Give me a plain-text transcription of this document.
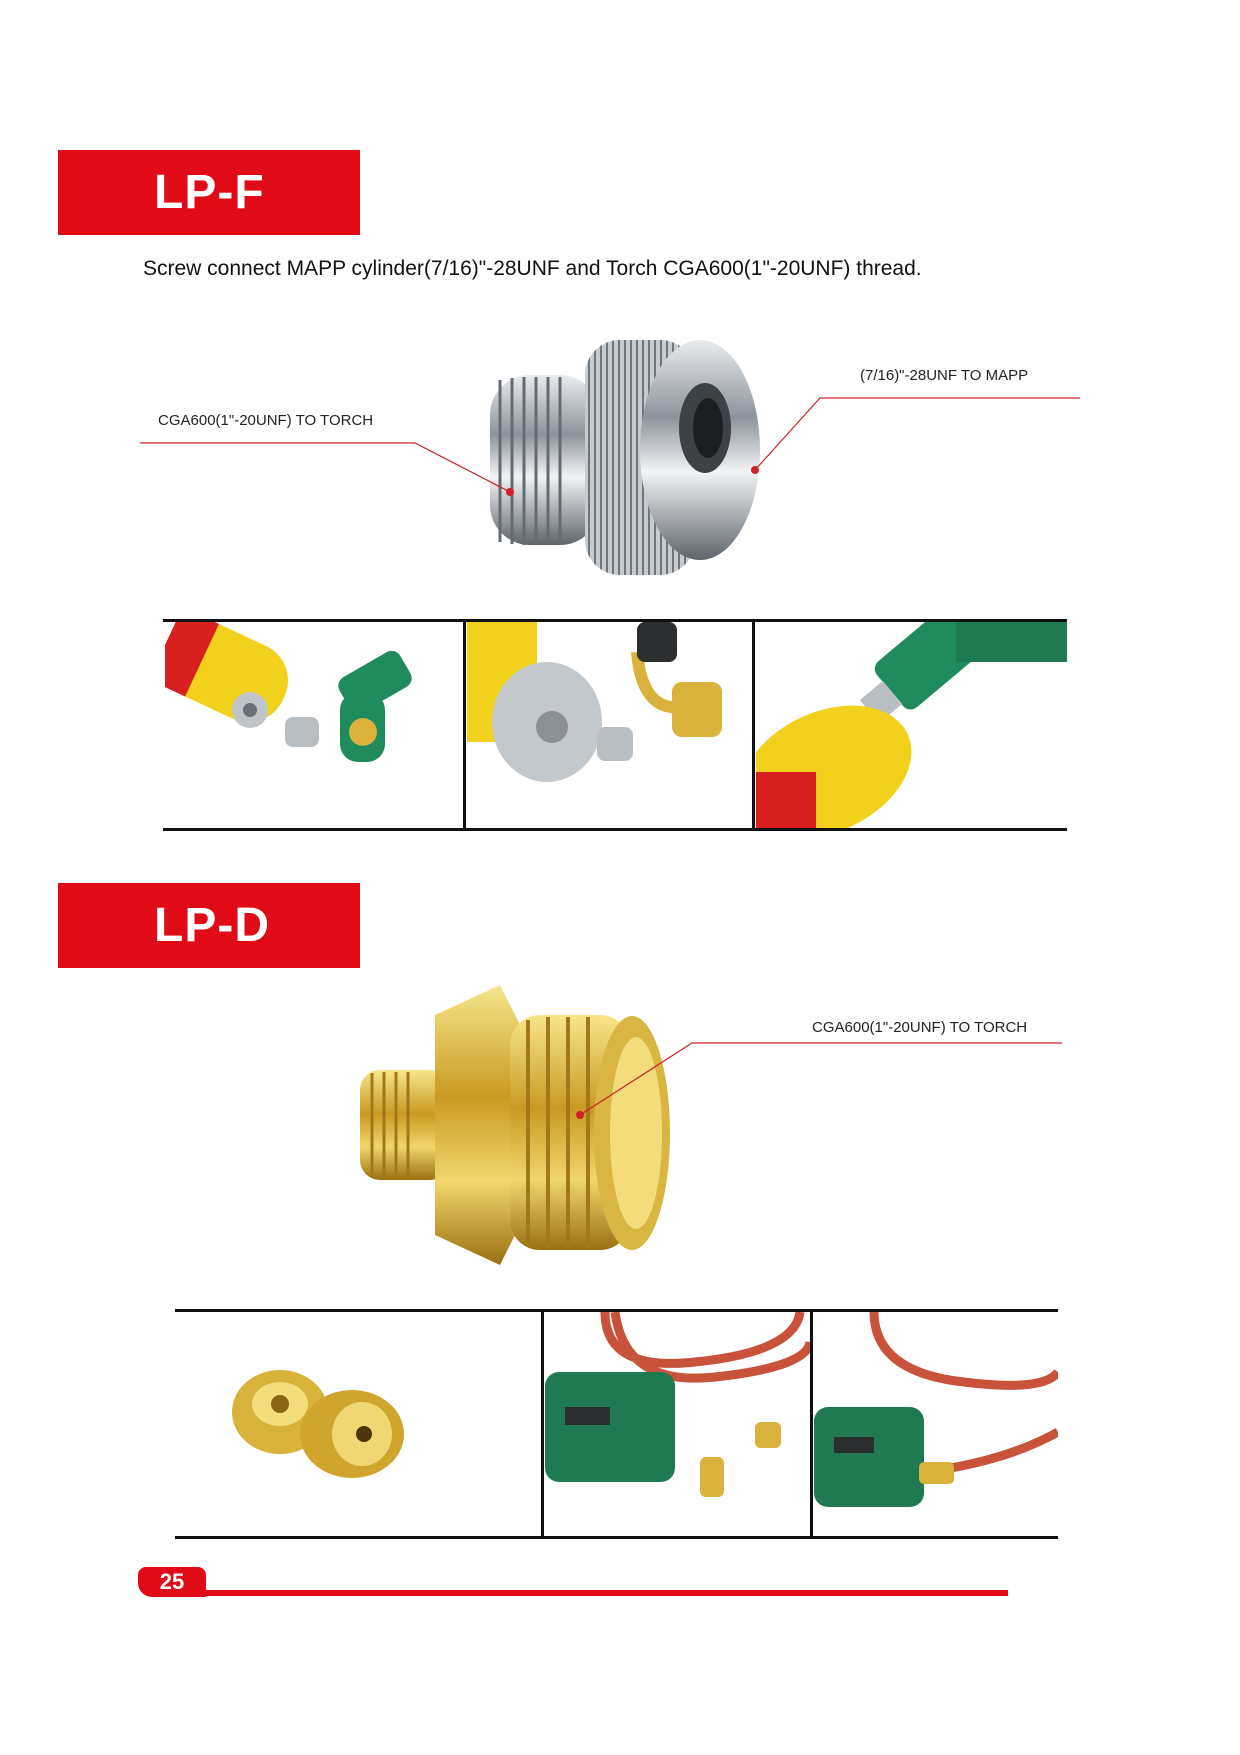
LP-F
Screw connect MAPP cylinder(7/16)"-28UNF and Torch CGA600(1"-20UNF) thread.
CGA600(1"-20UNF) TO TORCH
(7/16)"-28UNF TO MAPP
LP-D
CGA600(1"-20UNF) TO TORCH
25
